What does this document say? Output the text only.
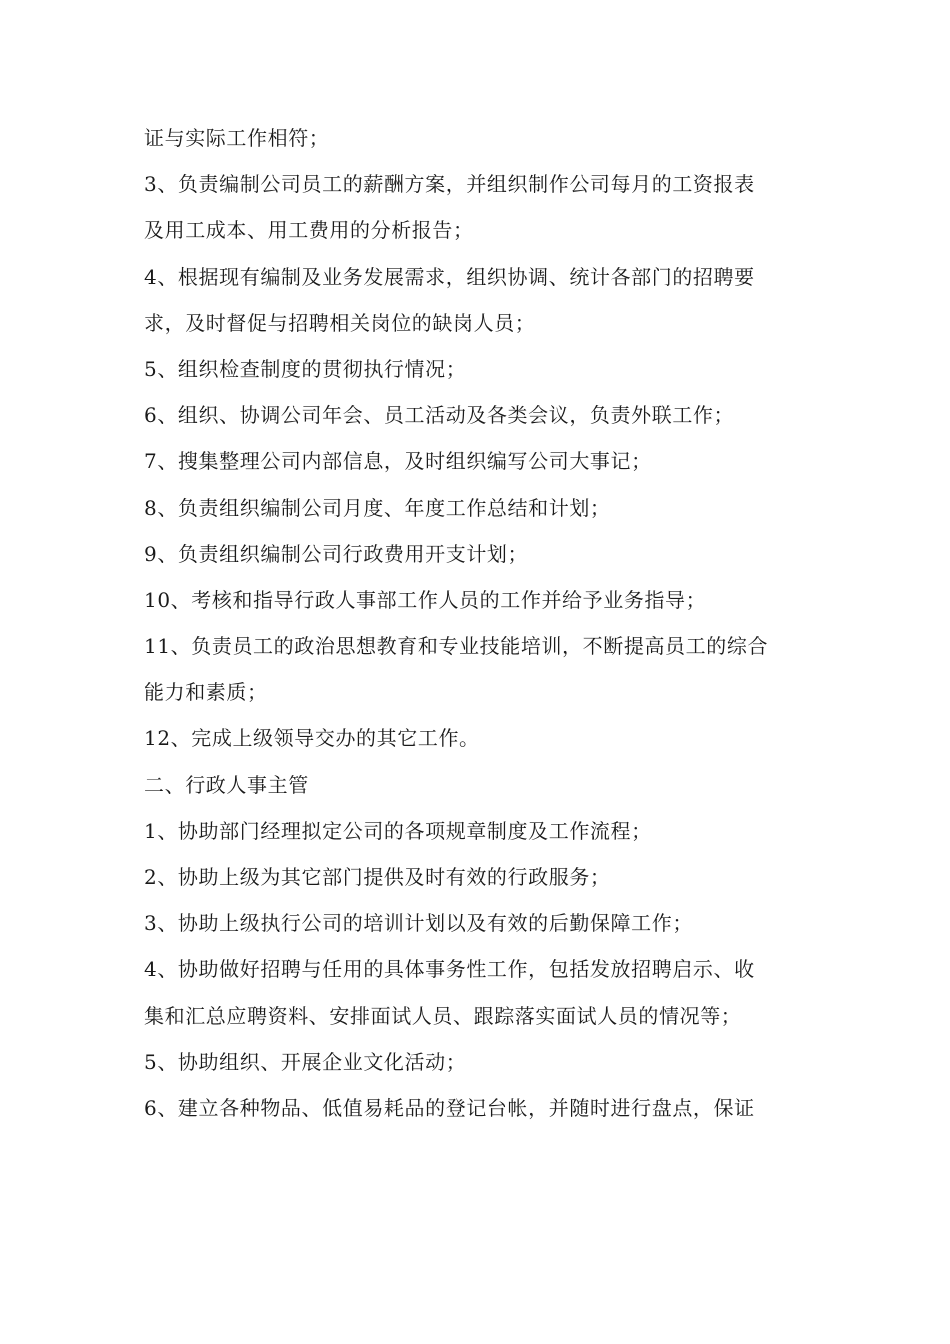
证与实际工作相符；
3、负责编制公司员工的薪酬方案，并组织制作公司每月的工资报表
及用工成本、用工费用的分析报告；
4、根据现有编制及业务发展需求，组织协调、统计各部门的招聘要
求，及时督促与招聘相关岗位的缺岗人员；
5、组织检查制度的贯彻执行情况；
6、组织、协调公司年会、员工活动及各类会议，负责外联工作；
7、搜集整理公司内部信息，及时组织编写公司大事记；
8、负责组织编制公司月度、年度工作总结和计划；
9、负责组织编制公司行政费用开支计划；
10、考核和指导行政人事部工作人员的工作并给予业务指导；
11、负责员工的政治思想教育和专业技能培训，不断提高员工的综合
能力和素质；
12、完成上级领导交办的其它工作。
二、行政人事主管
1、协助部门经理拟定公司的各项规章制度及工作流程；
2、协助上级为其它部门提供及时有效的行政服务；
3、协助上级执行公司的培训计划以及有效的后勤保障工作；
4、协助做好招聘与任用的具体事务性工作，包括发放招聘启示、收
集和汇总应聘资料、安排面试人员、跟踪落实面试人员的情况等；
5、协助组织、开展企业文化活动；
6、建立各种物品、低值易耗品的登记台帐，并随时进行盘点，保证
